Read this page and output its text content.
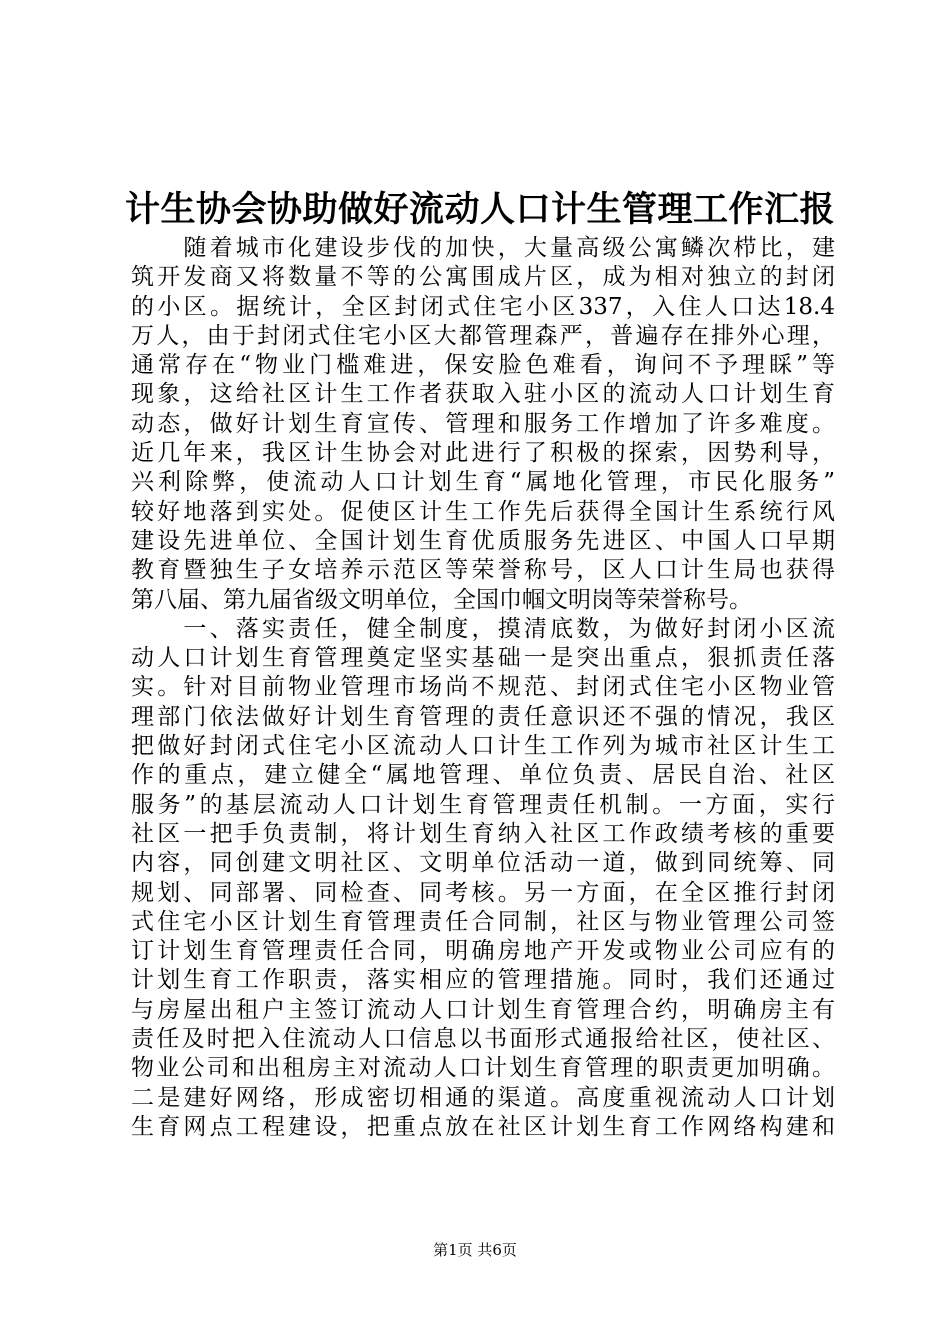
计生协会协助做好流动人口计生管理工作汇报
　　随着城市化建设步伐的加快，大量高级公寓鳞次栉比，建
筑开发商又将数量不等的公寓围成片区，成为相对独立的封闭
的小区。据统计，全区封闭式住宅小区337，入住人口达18.4
万人，由于封闭式住宅小区大都管理森严，普遍存在排外心理，
通常存在“物业门槛难进，保安脸色难看，询问不予理睬”等
现象，这给社区计生工作者获取入驻小区的流动人口计划生育
动态，做好计划生育宣传、管理和服务工作增加了许多难度。
近几年来，我区计生协会对此进行了积极的探索，因势利导，
兴利除弊，使流动人口计划生育“属地化管理，市民化服务”
较好地落到实处。促使区计生工作先后获得全国计生系统行风
建设先进单位、全国计划生育优质服务先进区、中国人口早期
教育暨独生子女培养示范区等荣誉称号，区人口计生局也获得
第八届、第九届省级文明单位，全国巾帼文明岗等荣誉称号。
　　一、落实责任，健全制度，摸清底数，为做好封闭小区流
动人口计划生育管理奠定坚实基础一是突出重点，狠抓责任落
实。针对目前物业管理市场尚不规范、封闭式住宅小区物业管
理部门依法做好计划生育管理的责任意识还不强的情况，我区
把做好封闭式住宅小区流动人口计生工作列为城市社区计生工
作的重点，建立健全“属地管理、单位负责、居民自治、社区
服务”的基层流动人口计划生育管理责任机制。一方面，实行
社区一把手负责制，将计划生育纳入社区工作政绩考核的重要
内容，同创建文明社区、文明单位活动一道，做到同统筹、同
规划、同部署、同检查、同考核。另一方面，在全区推行封闭
式住宅小区计划生育管理责任合同制，社区与物业管理公司签
订计划生育管理责任合同，明确房地产开发或物业公司应有的
计划生育工作职责，落实相应的管理措施。同时，我们还通过
与房屋出租户主签订流动人口计划生育管理合约，明确房主有
责任及时把入住流动人口信息以书面形式通报给社区，使社区、
物业公司和出租房主对流动人口计划生育管理的职责更加明确。
二是建好网络，形成密切相通的渠道。高度重视流动人口计划
生育网点工程建设，把重点放在社区计划生育工作网络构建和
第1页 共6页
